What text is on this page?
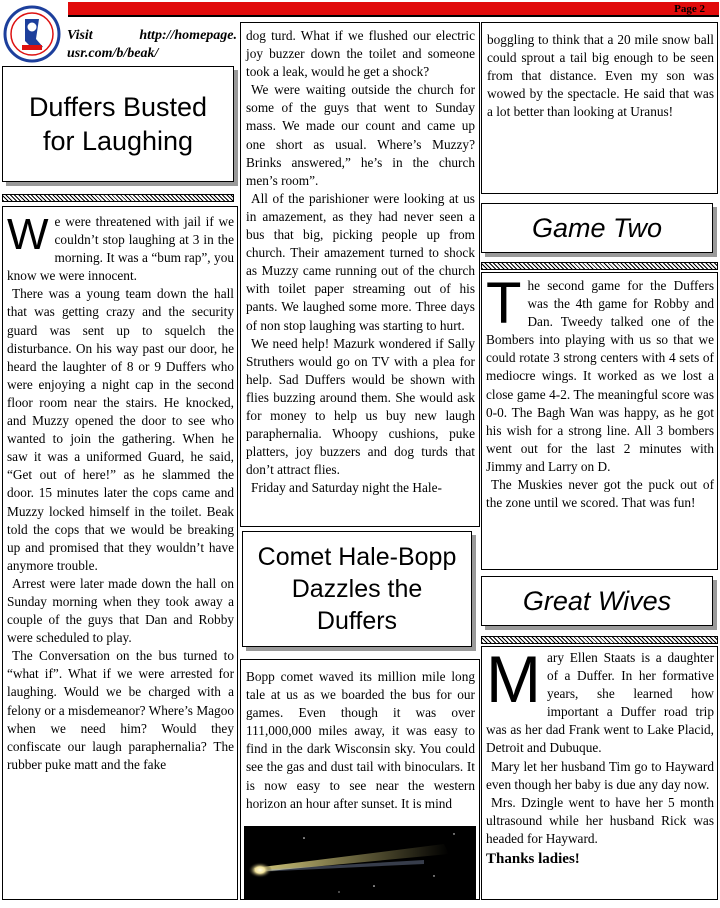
Page 2
Visit http://homepage. usr.com/b/beak/
Duffers Busted for Laughing

We were threatened with jail if we couldn’t stop laughing at 3 in the morning. It was a “bum rap”, you know we were innocent.

There was a young team down the hall that was getting crazy and the security guard was sent up to squelch the disturbance. On his way past our door, he heard the laughter of 8 or 9 Duffers who were enjoying a night cap in the second floor room near the stairs. He knocked, and Muzzy opened the door to see who wanted to join the gathering. When he saw it was a uniformed Guard, he said, “Get out of here!” as he slammed the door. 15 minutes later the cops came and Muzzy locked himself in the toilet. Beak told the cops that we would be breaking up and promised that they wouldn’t have anymore trouble.

Arrest were later made down the hall on Sunday morning when they took away a couple of the guys that Dan and Robby were scheduled to play.

The Conversation on the bus turned to “what if”. What if we were arrested for laughing. Would we be charged with a felony or a misdemeanor? Where’s Magoo when we need him? Would they confiscate our laugh paraphernalia? The rubber puke matt and the fake

dog turd. What if we flushed our electric joy buzzer down the toilet and someone took a leak, would he get a shock?

We were waiting outside the church for some of the guys that went to Sunday mass. We made our count and came up one short as usual. Where’s Muzzy? Brinks answered,” he’s in the church men’s room”.

All of the parishioner were looking at us in amazement, as they had never seen a bus that big, picking people up from church. Their amazement turned to shock as Muzzy came running out of the church with toilet paper streaming out of his pants. We laughed some more. Three days of non stop laughing was starting to hurt.

We need help! Mazurk wondered if Sally Struthers would go on TV with a plea for help. Sad Duffers would be shown with flies buzzing around them. She would ask for money to help us buy new laugh paraphernalia. Whoopy cushions, puke platters, joy buzzers and dog turds that don’t attract flies.

Friday and Saturday night the Hale-

Comet Hale-Bopp Dazzles the Duffers

Bopp comet waved its million mile long tale at us as we boarded the bus for our games. Even though it was over 111,000,000 miles away, it was easy to find in the dark Wisconsin sky. You could see the gas and dust tail with binoculars. It is now easy to see near the western horizon an hour after sunset. It is mind

boggling to think that a 20 mile snow ball could sprout a tail big enough to be seen from that distance. Even my son was wowed by the spectacle. He said that was a lot better than looking at Uranus!

Game Two

The second game for the Duffers was the 4th game for Robby and Dan. Tweedy talked one of the Bombers into playing with us so that we could rotate 3 strong centers with 4 sets of mediocre wings. It worked as we lost a close game 4-2. The meaningful score was 0-0. The Bagh Wan was happy, as he got his wish for a strong line. All 3 bombers went out for the last 2 minutes with Jimmy and Larry on D.

The Muskies never got the puck out of the zone until we scored. That was fun!

Great Wives

Mary Ellen Staats is a daughter of a Duffer. In her formative years, she learned how important a Duffer road trip was as her dad Frank went to Lake Placid, Detroit and Dubuque.

Mary let her husband Tim go to Hayward even though her baby is due any day now.

Mrs. Dzingle went to have her 5 month ultrasound while her husband Rick was headed for Hayward.

Thanks ladies!
